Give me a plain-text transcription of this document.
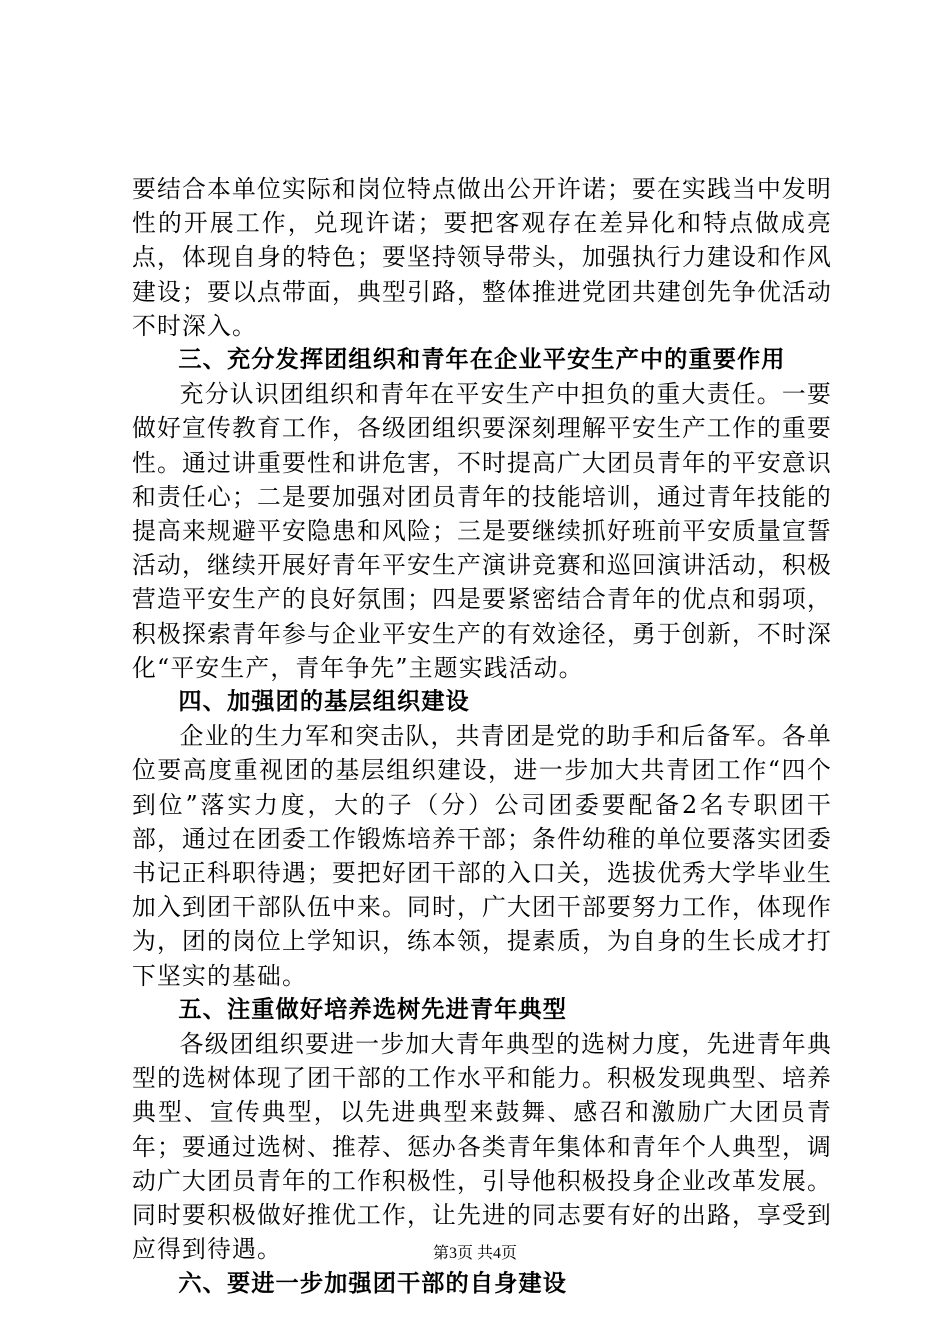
要结合本单位实际和岗位特点做出公开许诺；要在实践当中发明性的开展工作，兑现许诺；要把客观存在差异化和特点做成亮点，体现自身的特色；要坚持领导带头，加强执行力建设和作风建设；要以点带面，典型引路，整体推进党团共建创先争优活动不时深入。

三、充分发挥团组织和青年在企业平安生产中的重要作用

充分认识团组织和青年在平安生产中担负的重大责任。一要做好宣传教育工作，各级团组织要深刻理解平安生产工作的重要性。通过讲重要性和讲危害，不时提高广大团员青年的平安意识和责任心；二是要加强对团员青年的技能培训，通过青年技能的提高来规避平安隐患和风险；三是要继续抓好班前平安质量宣誓活动，继续开展好青年平安生产演讲竞赛和巡回演讲活动，积极营造平安生产的良好氛围；四是要紧密结合青年的优点和弱项，积极探索青年参与企业平安生产的有效途径，勇于创新，不时深化“平安生产，青年争先”主题实践活动。

四、加强团的基层组织建设

企业的生力军和突击队，共青团是党的助手和后备军。各单位要高度重视团的基层组织建设，进一步加大共青团工作“四个到位”落实力度，大的子（分）公司团委要配备2名专职团干部，通过在团委工作锻炼培养干部；条件幼稚的单位要落实团委书记正科职待遇；要把好团干部的入口关，选拔优秀大学毕业生加入到团干部队伍中来。同时，广大团干部要努力工作，体现作为，团的岗位上学知识，练本领，提素质，为自身的生长成才打下坚实的基础。

五、注重做好培养选树先进青年典型

各级团组织要进一步加大青年典型的选树力度，先进青年典型的选树体现了团干部的工作水平和能力。积极发现典型、培养典型、宣传典型，以先进典型来鼓舞、感召和激励广大团员青年；要通过选树、推荐、惩办各类青年集体和青年个人典型，调动广大团员青年的工作积极性，引导他积极投身企业改革发展。同时要积极做好推优工作，让先进的同志要有好的出路，享受到应得到待遇。

六、要进一步加强团干部的自身建设

第3页 共4页
